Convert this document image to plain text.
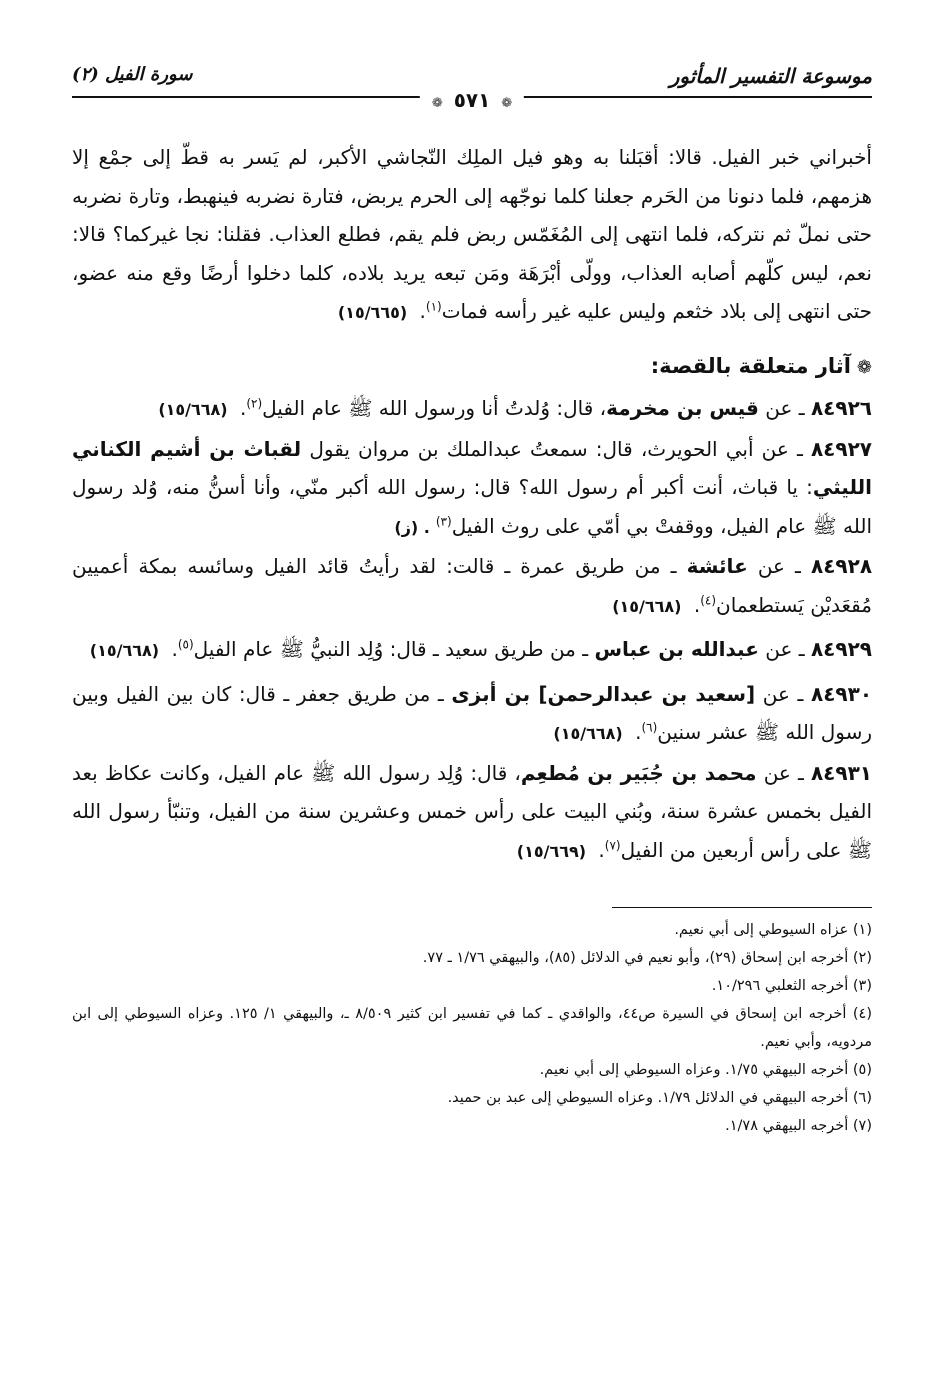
موسوعة التفسير المأثور
❁ ٥٧١ ❁
سورة الفيل (٢)

أخبراني خبر الفيل. قالا: أقبَلنا به وهو فيل الملِك النّجاشي الأكبر، لم يَسر به قطّ إلى جمْع إلا هزمهم، فلما دنونا من الحَرم جعلنا كلما نوجّهه إلى الحرم يربض، فتارة نضربه فينهبط، وتارة نضربه حتى نملّ ثم نتركه، فلما انتهى إلى المُغَمّس ربض فلم يقم، فطلع العذاب. فقلنا: نجا غيركما؟ قالا: نعم، ليس كلّهم أصابه العذاب، وولّى أبْرَهَة ومَن تبعه يريد بلاده، كلما دخلوا أرضًا وقع منه عضو، حتى انتهى إلى بلاد خثعم وليس عليه غير رأسه فمات$^{(١)}$. (١٥/٦٦٥)

❁آثار متعلقة بالقصة:

٨٤٩٢٦ ـ عن قيس بن مخرمة، قال: وُلدتُ أنا ورسول الله ﷺ عام الفيل$^{(٢)}$. (١٥/٦٦٨)

٨٤٩٢٧ ـ عن أبي الحويرث، قال: سمعتُ عبدالملك بن مروان يقول لقباث بن أشيم الكناني الليثي: يا قباث، أنت أكبر أم رسول الله؟ قال: رسول الله أكبر منّي، وأنا أسنُّ منه، وُلد رسول الله ﷺ عام الفيل، ووقفتْ بي أمّي على روث الفيل$^{(٣)}$. (ز)

٨٤٩٢٨ ـ عن عائشة ـ من طريق عمرة ـ قالت: لقد رأيتُ قائد الفيل وسائسه بمكة أعميين مُقعَديْن يَستطعمان$^{(٤)}$. (١٥/٦٦٨)

٨٤٩٢٩ ـ عن عبدالله بن عباس ـ من طريق سعيد ـ قال: وُلِد النبيُّ ﷺ عام الفيل$^{(٥)}$. (١٥/٦٦٨)

٨٤٩٣٠ ـ عن [سعيد بن عبدالرحمن] بن أبزى ـ من طريق جعفر ـ قال: كان بين الفيل وبين رسول الله ﷺ عشر سنين$^{(٦)}$. (١٥/٦٦٨)

٨٤٩٣١ ـ عن محمد بن جُبَير بن مُطعِم، قال: وُلِد رسول الله ﷺ عام الفيل، وكانت عكاظ بعد الفيل بخمس عشرة سنة، وبُني البيت على رأس خمس وعشرين سنة من الفيل، وتنبّأ رسول الله ﷺ على رأس أربعين من الفيل$^{(٧)}$. (١٥/٦٦٩)

(١) عزاه السيوطي إلى أبي نعيم.

(٢) أخرجه ابن إسحاق (٢٩)، وأبو نعيم في الدلائل (٨٥)، والبيهقي ١/٧٦ ـ ٧٧.

(٣) أخرجه الثعلبي ١٠/٢٩٦.

(٤) أخرجه ابن إسحاق في السيرة ص٤٤، والواقدي ـ كما في تفسير ابن كثير ٨/٥٠٩ ـ، والبيهقي ١/ ١٢٥. وعزاه السيوطي إلى ابن مردويه، وأبي نعيم.

(٥) أخرجه البيهقي ١/٧٥. وعزاه السيوطي إلى أبي نعيم.

(٦) أخرجه البيهقي في الدلائل ١/٧٩. وعزاه السيوطي إلى عبد بن حميد.

(٧) أخرجه البيهقي ١/٧٨.
